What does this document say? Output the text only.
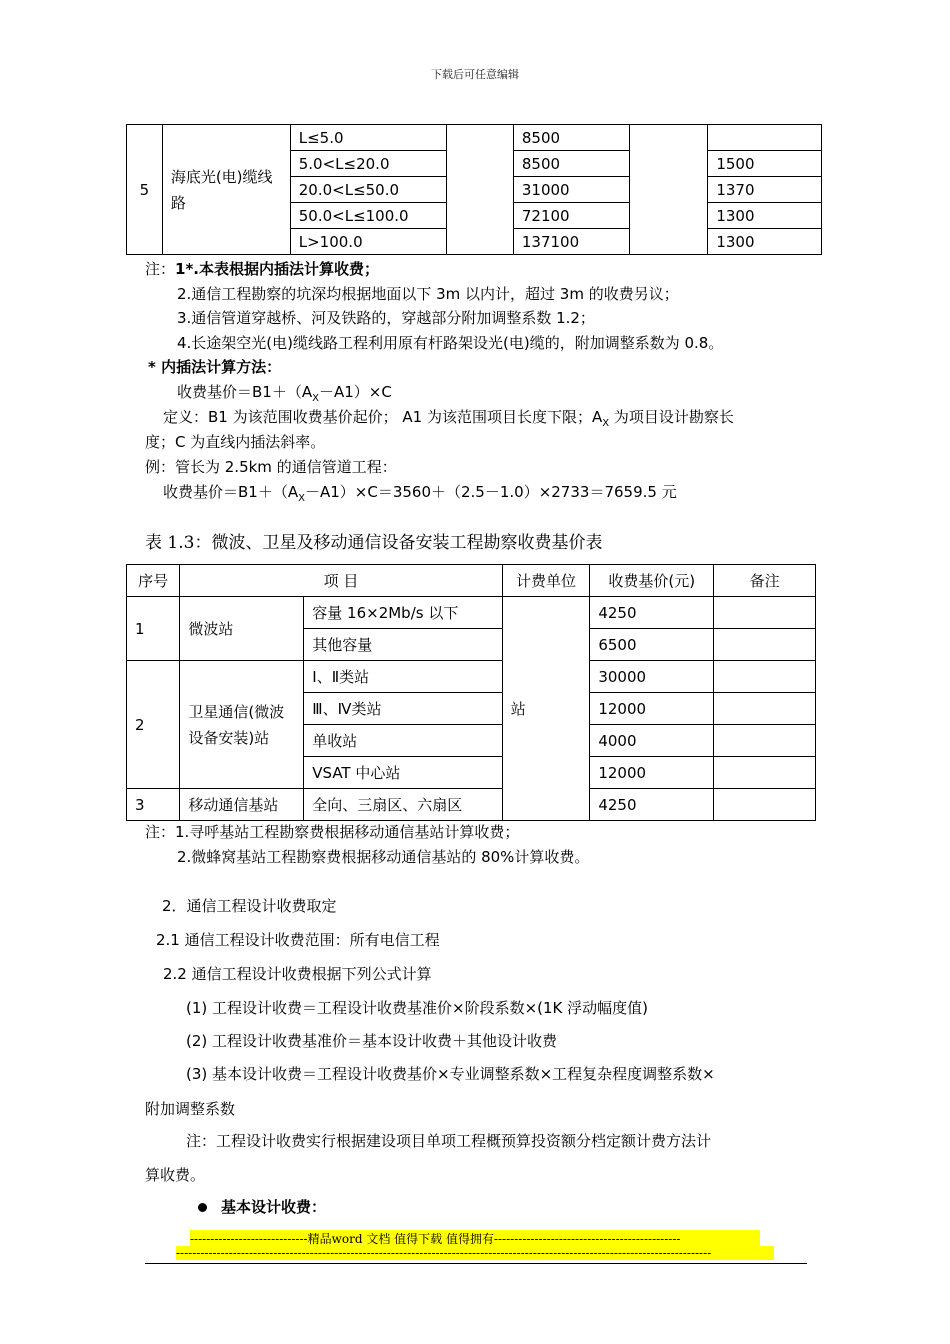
下载后可任意编辑
5	海底光(电)缆线路	L≤5.0		8500		
		5.0<L≤20.0		8500		1500
		20.0<L≤50.0		31000		1370
		50.0<L≤100.0		72100		1300
		L>100.0		137100		1300
注：1*.本表根据内插法计算收费；
2.通信工程勘察的坑深均根据地面以下 3m 以内计，超过 3m 的收费另议；
3.通信管道穿越桥、河及铁路的，穿越部分附加调整系数 1.2；
4.长途架空光(电)缆线路工程利用原有杆路架设光(电)缆的，附加调整系数为 0.8。
* 内插法计算方法：
收费基价$=B1+(A_X-A1)\times C$
定义：B1 为该范围收费基价起价； A1 为该范围项目长度下限；$A_X$ 为项目设计勘察长
度；C 为直线内插法斜率。
例：管长为 2.5km 的通信管道工程：
收费基价$=B1+(A_X-A1)\times C=3560+(2.5-1.0)\times 2733=7659.5$ 元
表 1.3：微波、卫星及移动通信设备安装工程勘察收费基价表
序号	项 目		计费单位	收费基价(元)	备注
1	微波站	容量 16×2Mb/s 以下	站	4250	
		其他容量		6500	
2	卫星通信(微波设备安装)站	Ⅰ、Ⅱ类站		30000	
		Ⅲ、Ⅳ类站		12000	
		单收站		4000	
		VSAT 中心站		12000	
3	移动通信基站	全向、三扇区、六扇区		4250	
注：1.寻呼基站工程勘察费根据移动通信基站计算收费；
2.微蜂窝基站工程勘察费根据移动通信基站的 80%计算收费。
2．通信工程设计收费取定
2.1 通信工程设计收费范围：所有电信工程
2.2 通信工程设计收费根据下列公式计算
(1) 工程设计收费＝工程设计收费基准价×阶段系数×(1K 浮动幅度值)
(2) 工程设计收费基准价＝基本设计收费＋其他设计收费
(3) 基本设计收费＝工程设计收费基价×专业调整系数×工程复杂程度调整系数×
附加调整系数
注：工程设计收费实行根据建设项目单项工程概预算投资额分档定额计费方法计
算收费。
基本设计收费：
-----------------------------精品word 文档 值得下载 值得拥有----------------------------------------------
------------------------------------------------------------------------------------------------------------------------------------
